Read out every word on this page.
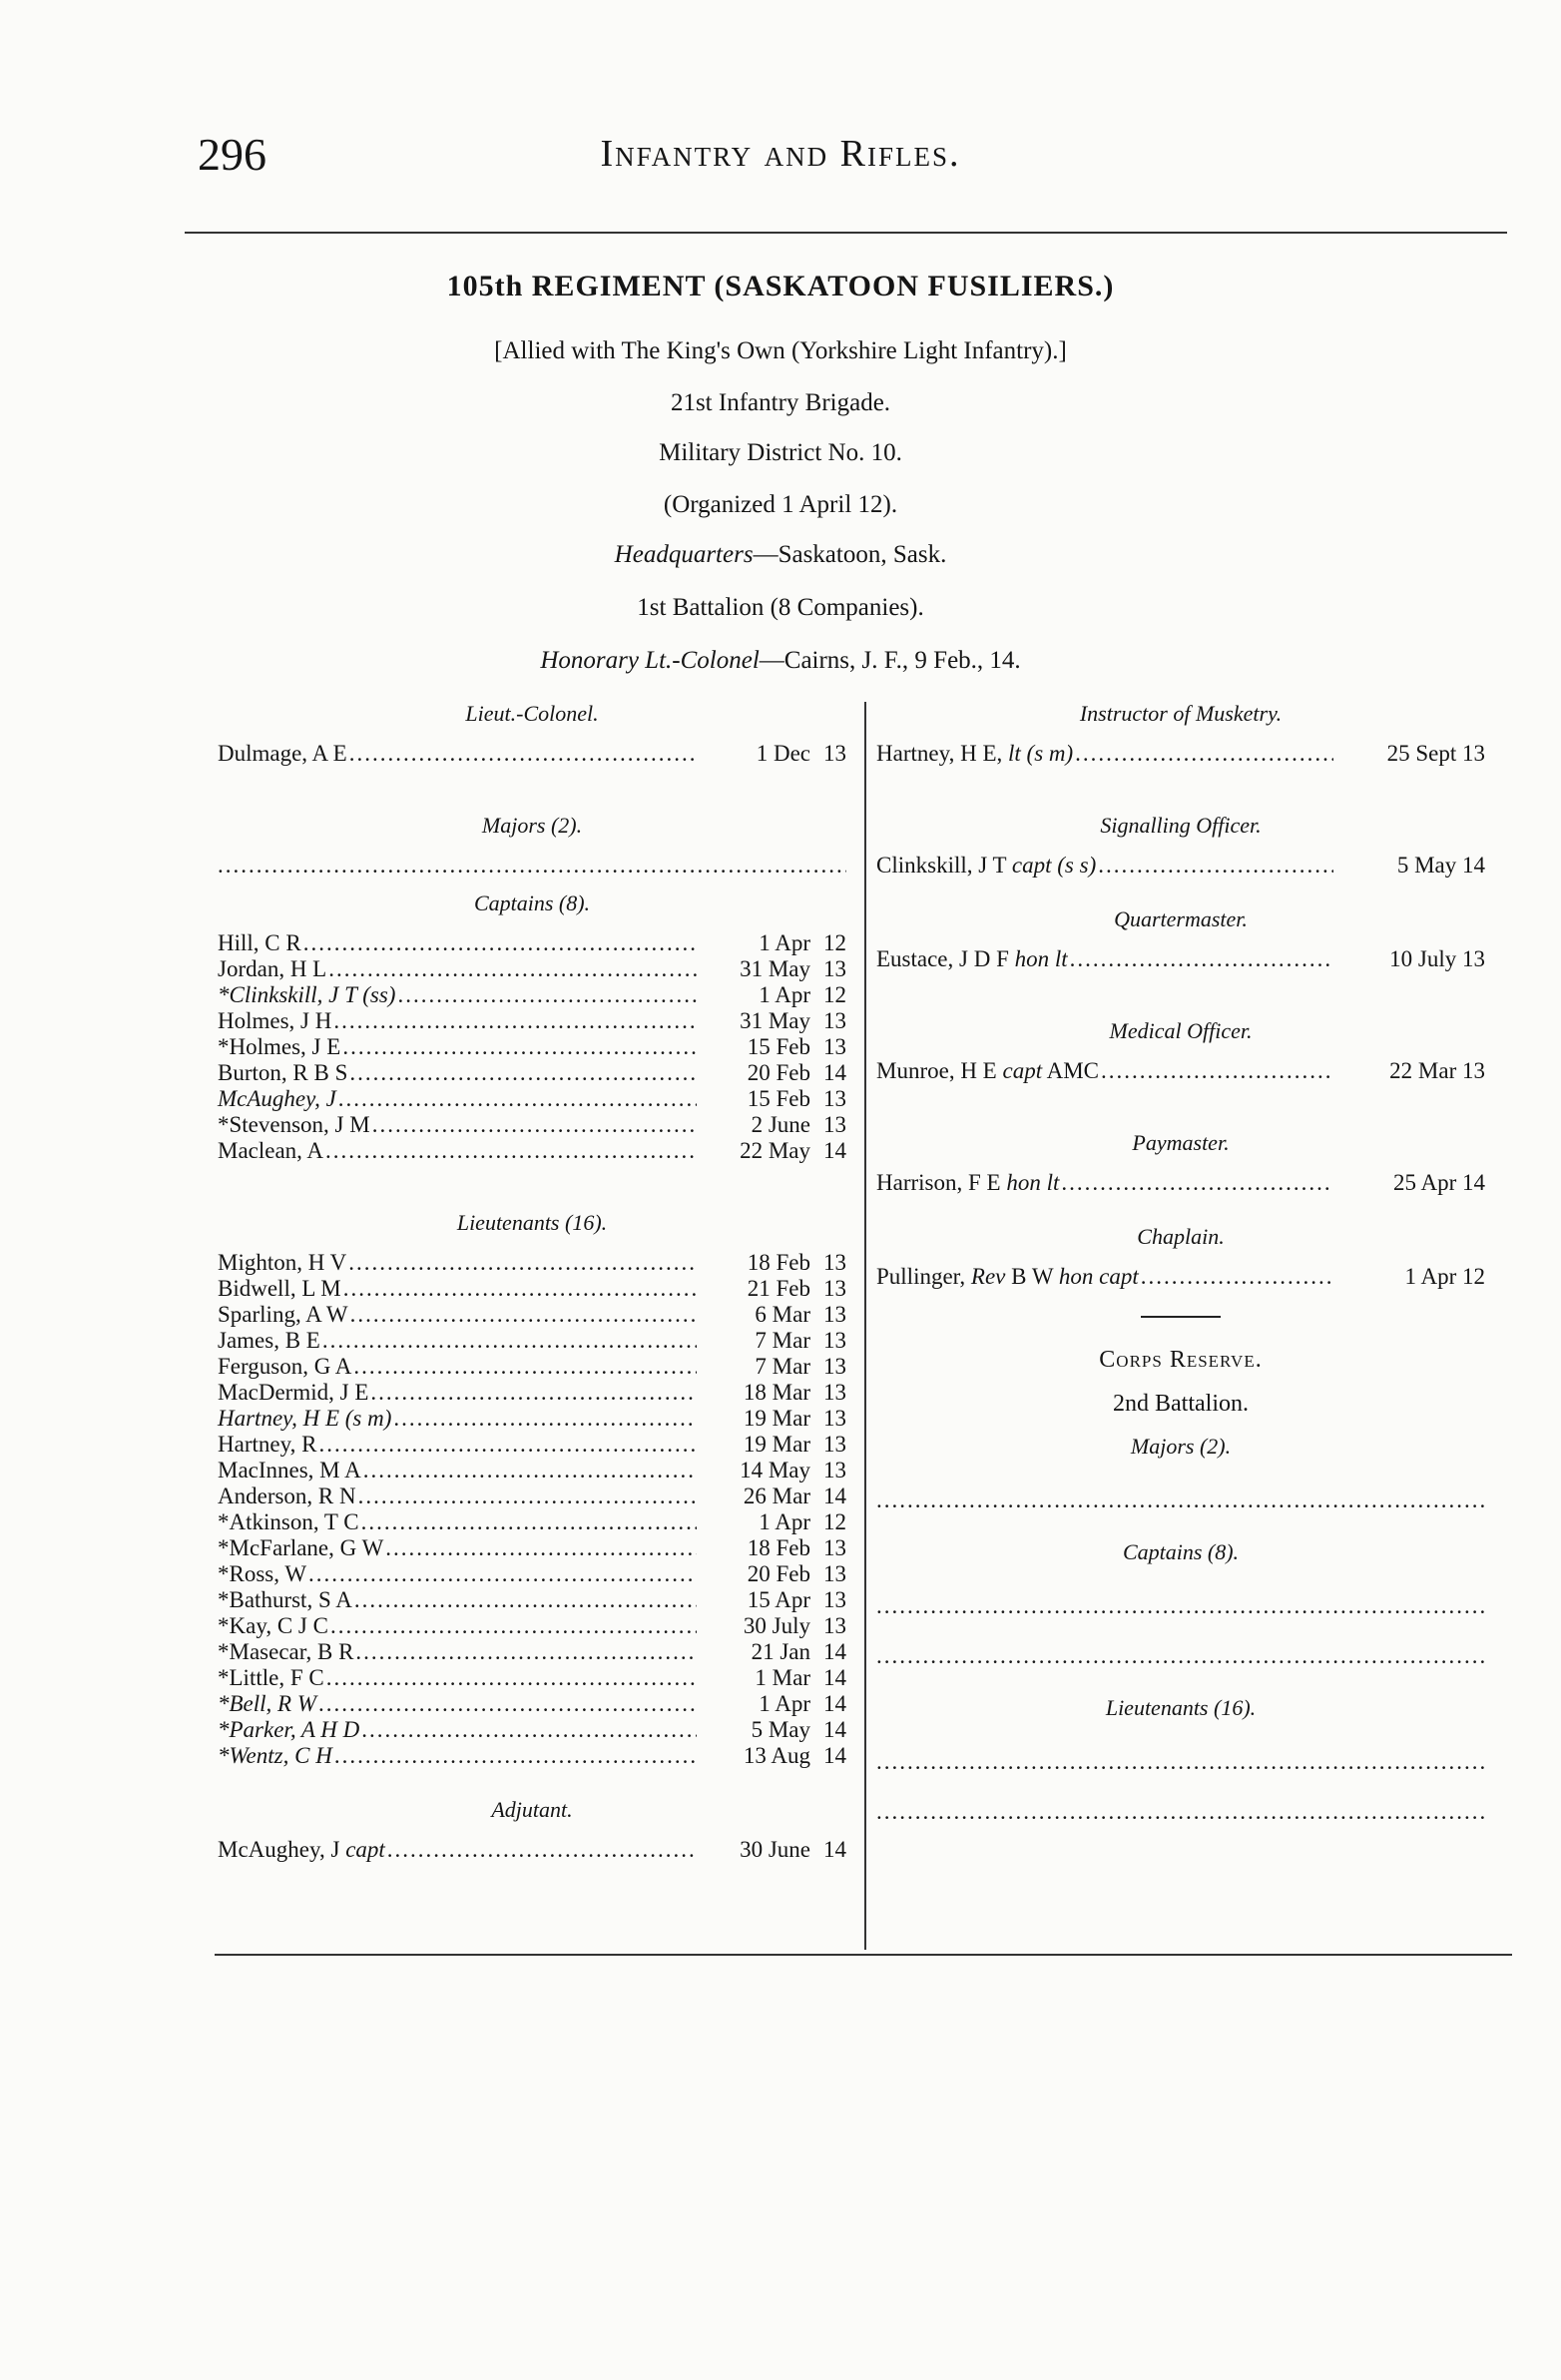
296	Infantry and Rifles.
105th REGIMENT (SASKATOON FUSILIERS.)
[Allied with The King's Own (Yorkshire Light Infantry).]
21st Infantry Brigade.
Military District No. 10.
(Organized 1 April 12).
Headquarters—Saskatoon, Sask.
1st Battalion (8 Companies).
Honorary Lt.-Colonel—Cairns, J. F., 9 Feb., 14.
Lieut.-Colonel.
Dulmage, A E .....	1 Dec 13
Majors (2).
.....
Captains (8).
Hill, C R .....	1 Apr 12
Jordan, H L .....	31 May 13
*Clinkskill, J T (ss) .....	1 Apr 12
Holmes, J H .....	31 May 13
*Holmes, J E .....	15 Feb 13
Burton, R B S .....	20 Feb 14
McAughey, J .....	15 Feb 13
*Stevenson, J M .....	2 June 13
Maclean, A .....	22 May 14
Lieutenants (16).
Mighton, H V .....	18 Feb 13
Bidwell, L M .....	21 Feb 13
Sparling, A W .....	6 Mar 13
James, B E .....	7 Mar 13
Ferguson, G A .....	7 Mar 13
MacDermid, J E .....	18 Mar 13
Hartney, H E (s m) .....	19 Mar 13
Hartney, R .....	19 Mar 13
MacInnes, M A .....	14 May 13
Anderson, R N .....	26 Mar 14
*Atkinson, T C .....	1 Apr 12
*McFarlane, G W .....	18 Feb 13
*Ross, W .....	20 Feb 13
*Bathurst, S A .....	15 Apr 13
*Kay, C J C .....	30 July 13
*Masecar, B R .....	21 Jan 14
*Little, F C .....	1 Mar 14
*Bell, R W .....	1 Apr 14
*Parker, A H D .....	5 May 14
*Wentz, C H .....	13 Aug 14
Adjutant.
McAughey, J capt .....	30 June 14
Instructor of Musketry.
Hartney, H E, lt (s m) .....	25 Sept 13
Signalling Officer.
Clinkskill, J T capt (s s) .....	5 May 14
Quartermaster.
Eustace, J D F hon lt .....	10 July 13
Medical Officer.
Munroe, H E capt AMC .....	22 Mar 13
Paymaster.
Harrison, F E hon lt .....	25 Apr 14
Chaplain.
Pullinger, Rev B W hon capt .....	1 Apr 12
Corps Reserve.
2nd Battalion.
Majors (2).
.....
Captains (8).
.....
.....
Lieutenants (16).
.....
.....
